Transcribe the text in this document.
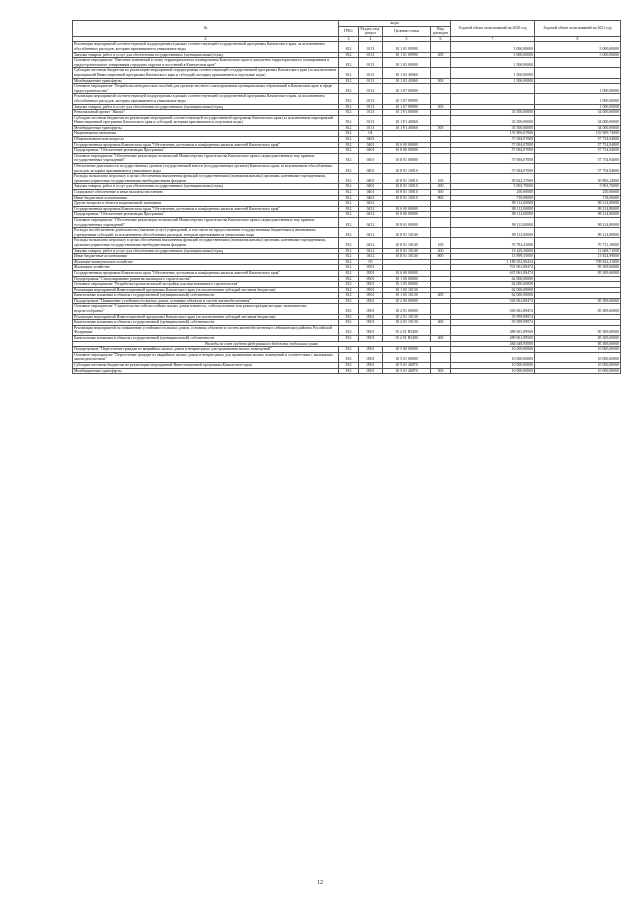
№	коды				Годовой объем ассигнований на 2020 год	Годовой объем ассигнований на 2021 год
	ГРБС	Раздел, под-раздел	Целевая статья	Вид расходов		
2	3	4	5	6	7	8
Реализация мероприятий соответствующей подпрограммы в рамках соответствующей государственной программы Камчатского края, за исключением обособленных расходов, которым присваиваются уникальные коды	812	0113	10 1 01 09990		5 000,00000	5 000,00000
Закупка товаров, работ и услуг для обеспечения государственных (муниципальных) нужд	812	0113	10 1 01 09990	200	5 000,00000	5 000,00000
Основное мероприятие "Внесение изменений в схему территориального планирования Камчатского края и документы территориального планирования и градостроительного зонирования городских округов и поселений в Камчатском крае"	812	0113	10 1 02 00000		1 500,00000	
Субсидии местным бюджетам на реализацию мероприятий подпрограммы соответствующей государственной программы Камчатского края (за исключением мероприятий Инвестиционной программы Камчатского края и субсидий, которым присваиваются отдельные коды)	812	0113	10 1 02 40060		1 500,00000	
Межбюджетные трансферты	812	0113	10 1 02 40060	500	1 500,00000	
Основное мероприятие "Разработка методических пособий для органов местного самоуправления муниципальных образований в Камчатском крае в сфере градостроительства"	812	0113	10 1 07 00000			1 000,00000
Реализация мероприятий соответствующей подпрограммы в рамках соответствующей государственной программы Камчатского края, за исключением обособленных расходов, которым присваиваются уникальные коды	812	0113	10 1 07 09990			1 000,00000
Закупка товаров, работ и услуг для обеспечения государственных (муниципальных) нужд	812	0113	10 1 07 09990	200		1 000,00000
Региональный проект "Жилье"	812	0113	10 1 F1 00000		33 500,00000	34 000,00000
Субсидии местным бюджетам на реализацию мероприятий соответствующей государственной программы Камчатского края (за исключением мероприятий Инвестиционной программы Камчатского края и субсидий, которым присваиваются отдельные коды)	812	0113	10 1 F1 40060		33 500,00000	34 000,00000
Межбюджетные трансферты	812	0113	10 1 F1 40060	500	33 500,00000	34 000,00000
Национальная экономика	812	04			155 806,07000	155 969,74000
Общеэкономические вопросы	812	0401			57 694,07000	57 754,94000
Государственная программа Камчатского края "Обеспечение доступным и комфортным жильем жителей Камчатского края"	812	0401	10 0 00 00000		57 694,07000	57 754,94000
Подпрограмма "Обеспечение реализации Программы"	812	0401	10 8 00 00000		57 694,07000	57 754,94000
Основное мероприятие "Обеспечение реализации полномочий Министерства строительства Камчатского края и подведомственных ему краевых государственных учреждений"	812	0401	10 8 01 00000		57 694,07000	57 754,94000
Обеспечение деятельности государственных органов государственной власти (государственных органов) Камчатского края, за исключением обособленных расходов, которым присваиваются уникальные коды	812	0401	10 8 01 10010		57 694,07000	57 754,94000
Расходы на выплаты персоналу в целях обеспечения выполнения функций государственными (муниципальными) органами, казенными учреждениями, органами управления государственными внебюджетными фондами	812	0401	10 8 01 10010	100	50 822,37000	50 883,24000
Закупка товаров, работ и услуг для обеспечения государственных (муниципальных) нужд	812	0401	10 8 01 10010	200	5 903,70000	5 903,70000
Социальное обеспечение и иные выплаты населению	812	0401	10 8 01 10010	300	250,00000	250,00000
Иные бюджетные ассигнования	812	0401	10 8 01 10010	800	718,00000	718,00000
Другие вопросы в области национальной экономики	812	0412			98 112,00000	98 214,80000
Государственная программа Камчатского края "Обеспечение доступным и комфортным жильем жителей Камчатского края"	812	0412	10 0 00 00000		98 112,00000	98 214,80000
Подпрограмма "Обеспечение реализации Программы"	812	0412	10 8 00 00000		98 112,00000	98 214,80000
Основное мероприятие "Обеспечение реализации полномочий Министерства строительства Камчатского края и подведомственных ему краевых государственных учреждений"	812	0412	10 8 01 00000		98 112,00000	98 214,80000
Расходы на обеспечение деятельности (оказание услуг) учреждений, в том числе на предоставление государственным бюджетным и автономным учреждениям субсидий, за исключением обособленных расходов, которым присваиваются уникальные коды	812	0412	10 8 01 10140		98 112,00000	98 214,80000
Расходы на выплаты персоналу в целях обеспечения выполнения функций государственными (муниципальными) органами, казенными учреждениями, органами управления государственными внебюджетными фондами	812	0412	10 8 01 10140	100	70 783,41000	70 721,10000
Закупка товаров, работ и услуг для обеспечения государственных (муниципальных) нужд	812	0412	10 8 01 10140	200	13 429,26000	13 668,71000
Иные бюджетные ассигнования	812	0412	10 8 01 10140	800	13 899,33000	13 824,99000
Жилищно-коммунальное хозяйство	812	05			1 189 352,96434	709 822,31000
Жилищное хозяйство	812	0501			701 061,89474	85 309,60000
Государственная программа Камчатского края "Обеспечение доступным и комфортным жильем жителей Камчатского края"	812	0501	10 0 00 00000		637 061,89474	85 309,60000
Подпрограмма "Стимулирование развития жилищного строительства"	812	0501	10 1 00 00000		62 000,00000	
Основное мероприятие "Разработка проектов жилой застройки для перспективного строительства"	812	0501	10 1 05 00000		62 000,00000	
Реализация мероприятий Инвестиционной программы Камчатского края (за исключением субсидий местным бюджетам)	812	0501	10 1 05 10130		62 000,00000	
Капитальные вложения в объекты государственной (муниципальной) собственности	812	0501	10 1 05 10130	400	62 000,00000	
Подпрограмма "Повышение устойчивости жилых домов, основных объектов и систем жизнеобеспечения"	812	0501	10 2 00 00000		545 061,89474	85 309,60000
Основное мероприятие "Строительство сейсмостойких жилых домов взамен ех, сейсмоусиление или реконструкция которых экономически нецелесообразны"	812	0501	10 2 01 00000		545 061,89474	85 309,60000
Реализация мероприятий Инвестиционной программы Камчатского края (за исключением субсидий местным бюджетам)	812	0501	10 2 01 10130		55 999,99974	
Капитальные вложения в объекты государственной (муниципальной) собственности	812	0501	10 2 01 10130	400	55 999,99974	
Реализация мероприятий по повышению устойчивости жилых домов, основных объектов и систем жизнеобеспечения в сейсмических районах Российской Федерации	812	0501	10 2 01 R5400		489 061,89500	85 309,60000
Капитальные вложения в объекты государственной (муниципальной) собственности	812	0501	10 2 01 R5400	400	489 061,89500	85 309,60000
Расходы за счет средств федерального бюджета отдельная сумма					484 648,95000	85 309,60000
Подпрограмма "Переселение граждан из аварийных жилых домов и непригодных для проживания жилых помещений"	812	0501	10 5 00 00000		10 000,00000	10 000,00000
Основное мероприятие "Переселение граждан из аварийных жилых домов и непригодных для проживания жилых помещений в соответствии с жилищным законодательством"	812	0501	10 5 01 00000		10 000,00000	10 000,00000
Субсидии местным бюджетам на реализацию мероприятий Инвестиционной программы Камчатского края	812	0501	10 5 01 40070		10 000,00000	10 000,00000
Межбюджетные трансферты	812	0501	10 5 01 40070	500	10 000,00000	10 000,00000
12
